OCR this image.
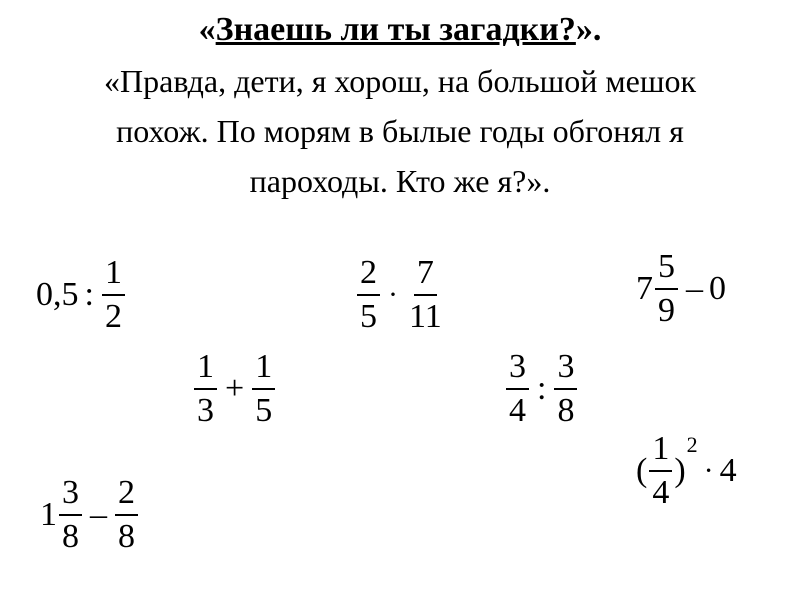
«Знаешь ли ты загадки?».
«Правда, дети, я хорош, на большой мешок
похож. По морям в былые годы обгонял я
пароходы. Кто же я?».
0,5 : $\frac{1}{2}$	$\frac{2}{5} \cdot \frac{7}{11}$	$7 \frac{5}{9} - 0$
$\frac{1}{3} + \frac{1}{5}$	$\frac{3}{4}$ : $\frac{3}{8}$
( $\frac{1}{4}$ )
2
· 4
$1 \frac{3}{8} - \frac{2}{8}$
